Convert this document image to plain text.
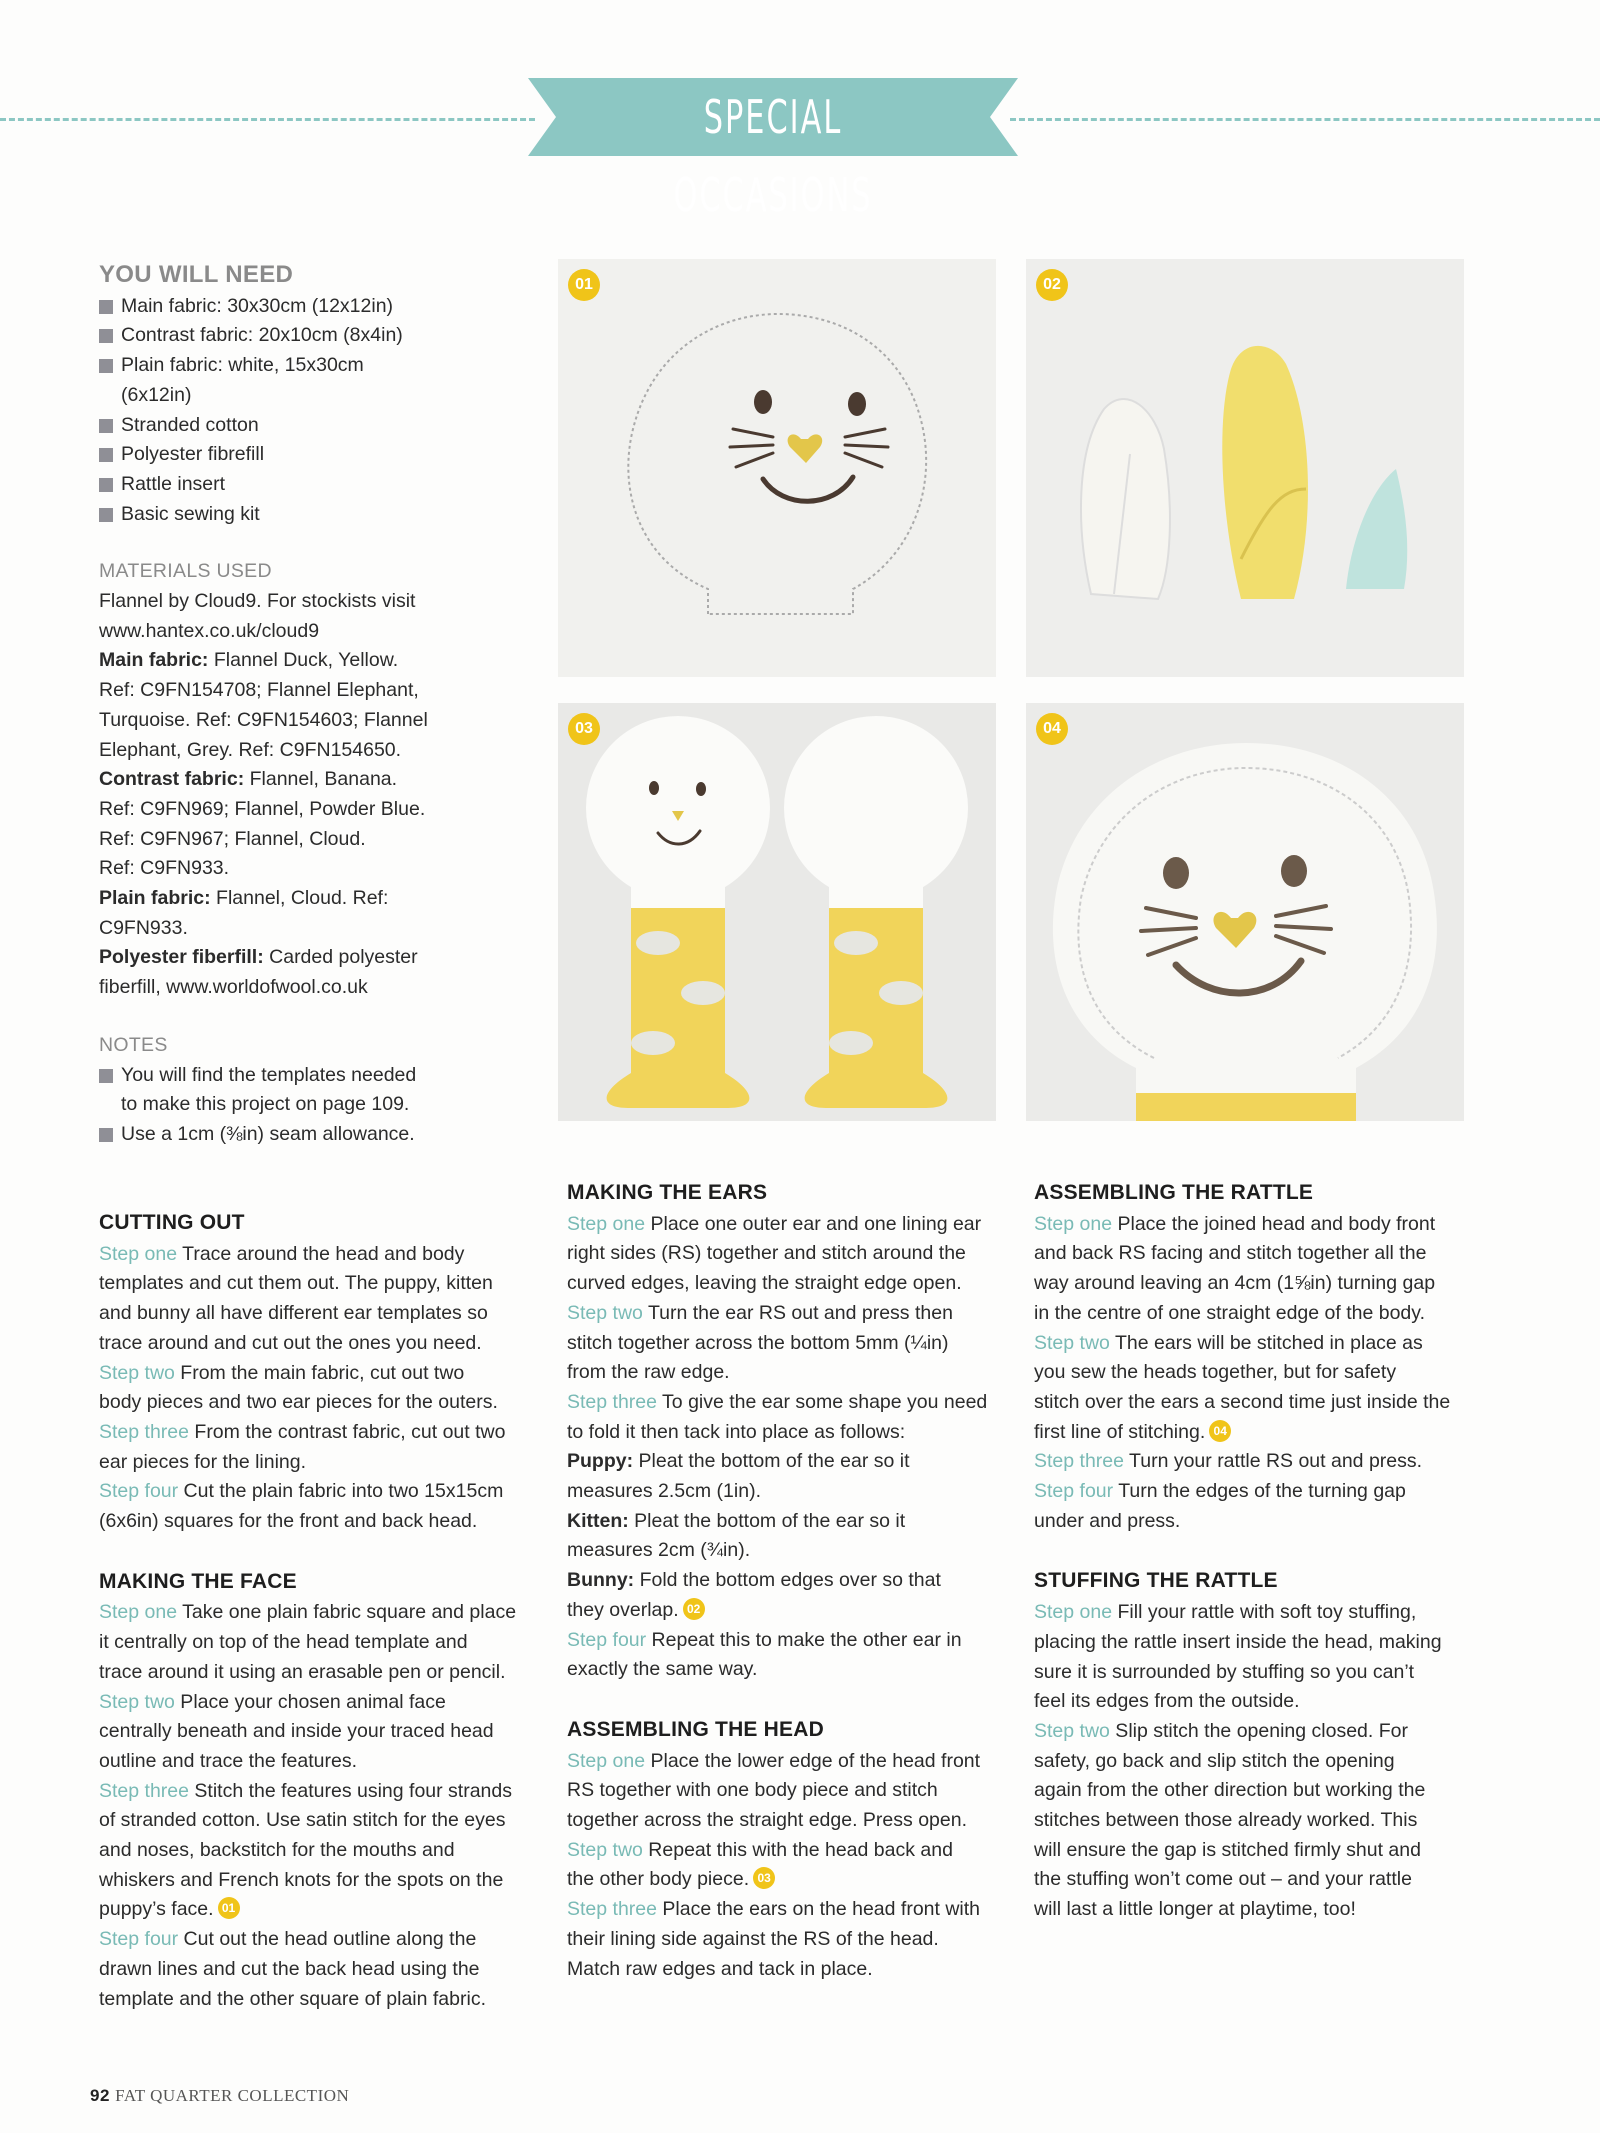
SPECIAL OCCASIONS
YOU WILL NEED

Main fabric: 30x30cm (12x12in)

Contrast fabric: 20x10cm (8x4in)

Plain fabric: white, 15x30cm

(6x12in)

Stranded cotton

Polyester fibrefill

Rattle insert

Basic sewing kit

MATERIALS USED

Flannel by Cloud9. For stockists visit

www.hantex.co.uk/cloud9

Main fabric: Flannel Duck, Yellow.

Ref: C9FN154708; Flannel Elephant,

Turquoise. Ref: C9FN154603; Flannel

Elephant, Grey. Ref: C9FN154650.

Contrast fabric: Flannel, Banana.

Ref: C9FN969; Flannel, Powder Blue.

Ref: C9FN967; Flannel, Cloud.

Ref: C9FN933.

Plain fabric: Flannel, Cloud. Ref:

C9FN933.

Polyester fiberfill: Carded polyester

fiberfill, www.worldofwool.co.uk

NOTES

You will find the templates needed

to make this project on page 109.

Use a 1cm (⅜in) seam allowance.

01	02
03	04
CUTTING OUT

Step one Trace around the head and body

templates and cut them out. The puppy, kitten

and bunny all have different ear templates so

trace around and cut out the ones you need.

Step two From the main fabric, cut out two

body pieces and two ear pieces for the outers.

Step three From the contrast fabric, cut out two

ear pieces for the lining.

Step four Cut the plain fabric into two 15x15cm

(6x6in) squares for the front and back head.

MAKING THE FACE

Step one Take one plain fabric square and place

it centrally on top of the head template and

trace around it using an erasable pen or pencil.

Step two Place your chosen animal face

centrally beneath and inside your traced head

outline and trace the features.

Step three Stitch the features using four strands

of stranded cotton. Use satin stitch for the eyes

and noses, backstitch for the mouths and

whiskers and French knots for the spots on the

puppy’s face. 01

Step four Cut out the head outline along the

drawn lines and cut the back head using the

template and the other square of plain fabric.

MAKING THE EARS

Step one Place one outer ear and one lining ear

right sides (RS) together and stitch around the

curved edges, leaving the straight edge open.

Step two Turn the ear RS out and press then

stitch together across the bottom 5mm (¼in)

from the raw edge.

Step three To give the ear some shape you need

to fold it then tack into place as follows:

Puppy: Pleat the bottom of the ear so it

measures 2.5cm (1in).

Kitten: Pleat the bottom of the ear so it

measures 2cm (¾in).

Bunny: Fold the bottom edges over so that

they overlap. 02

Step four Repeat this to make the other ear in

exactly the same way.

ASSEMBLING THE HEAD

Step one Place the lower edge of the head front

RS together with one body piece and stitch

together across the straight edge. Press open.

Step two Repeat this with the head back and

the other body piece. 03

Step three Place the ears on the head front with

their lining side against the RS of the head.

Match raw edges and tack in place.

ASSEMBLING THE RATTLE

Step one Place the joined head and body front

and back RS facing and stitch together all the

way around leaving an 4cm (1⅝in) turning gap

in the centre of one straight edge of the body.

Step two The ears will be stitched in place as

you sew the heads together, but for safety

stitch over the ears a second time just inside the

first line of stitching. 04

Step three Turn your rattle RS out and press.

Step four Turn the edges of the turning gap

under and press.

STUFFING THE RATTLE

Step one Fill your rattle with soft toy stuffing,

placing the rattle insert inside the head, making

sure it is surrounded by stuffing so you can’t

feel its edges from the outside.

Step two Slip stitch the opening closed. For

safety, go back and slip stitch the opening

again from the other direction but working the

stitches between those already worked. This

will ensure the gap is stitched firmly shut and

the stuffing won’t come out – and your rattle

will last a little longer at playtime, too!

92 FAT QUARTER COLLECTION
